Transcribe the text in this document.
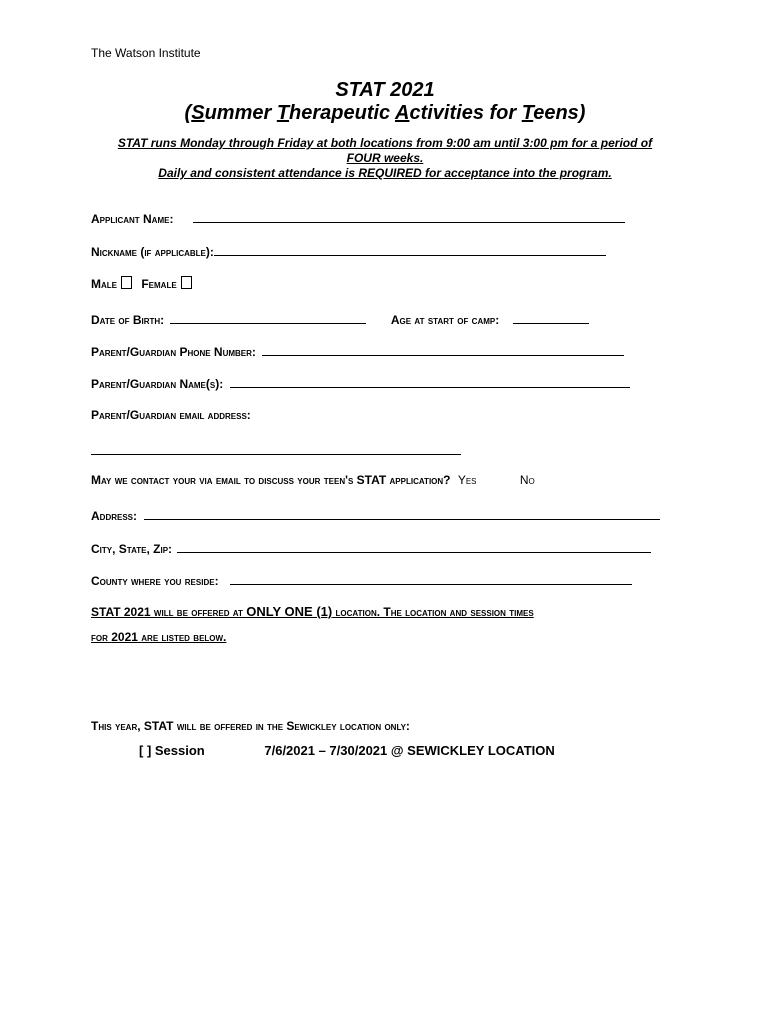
The Watson Institute
STAT 2021
(Summer Therapeutic Activities for Teens)
STAT runs Monday through Friday at both locations from 9:00 am until 3:00 pm for a period of FOUR weeks.
Daily and consistent attendance is REQUIRED for acceptance into the program.
Applicant Name:
Nickname (if applicable):
Male Female
Date of Birth:	Age at start of camp:
Parent/Guardian Phone Number:
Parent/Guardian Name(s):
Parent/Guardian email address:
May we contact your via email to discuss your teen's STAT application? Yes	No
Address:
City, State, Zip:
County where you reside:
STAT 2021 will be offered at ONLY ONE (1) location. The location and session times
for 2021 are listed below.
This year, STAT will be offered in the Sewickley location only:
[ ] Session	7/6/2021 – 7/30/2021 @ SEWICKLEY LOCATION
